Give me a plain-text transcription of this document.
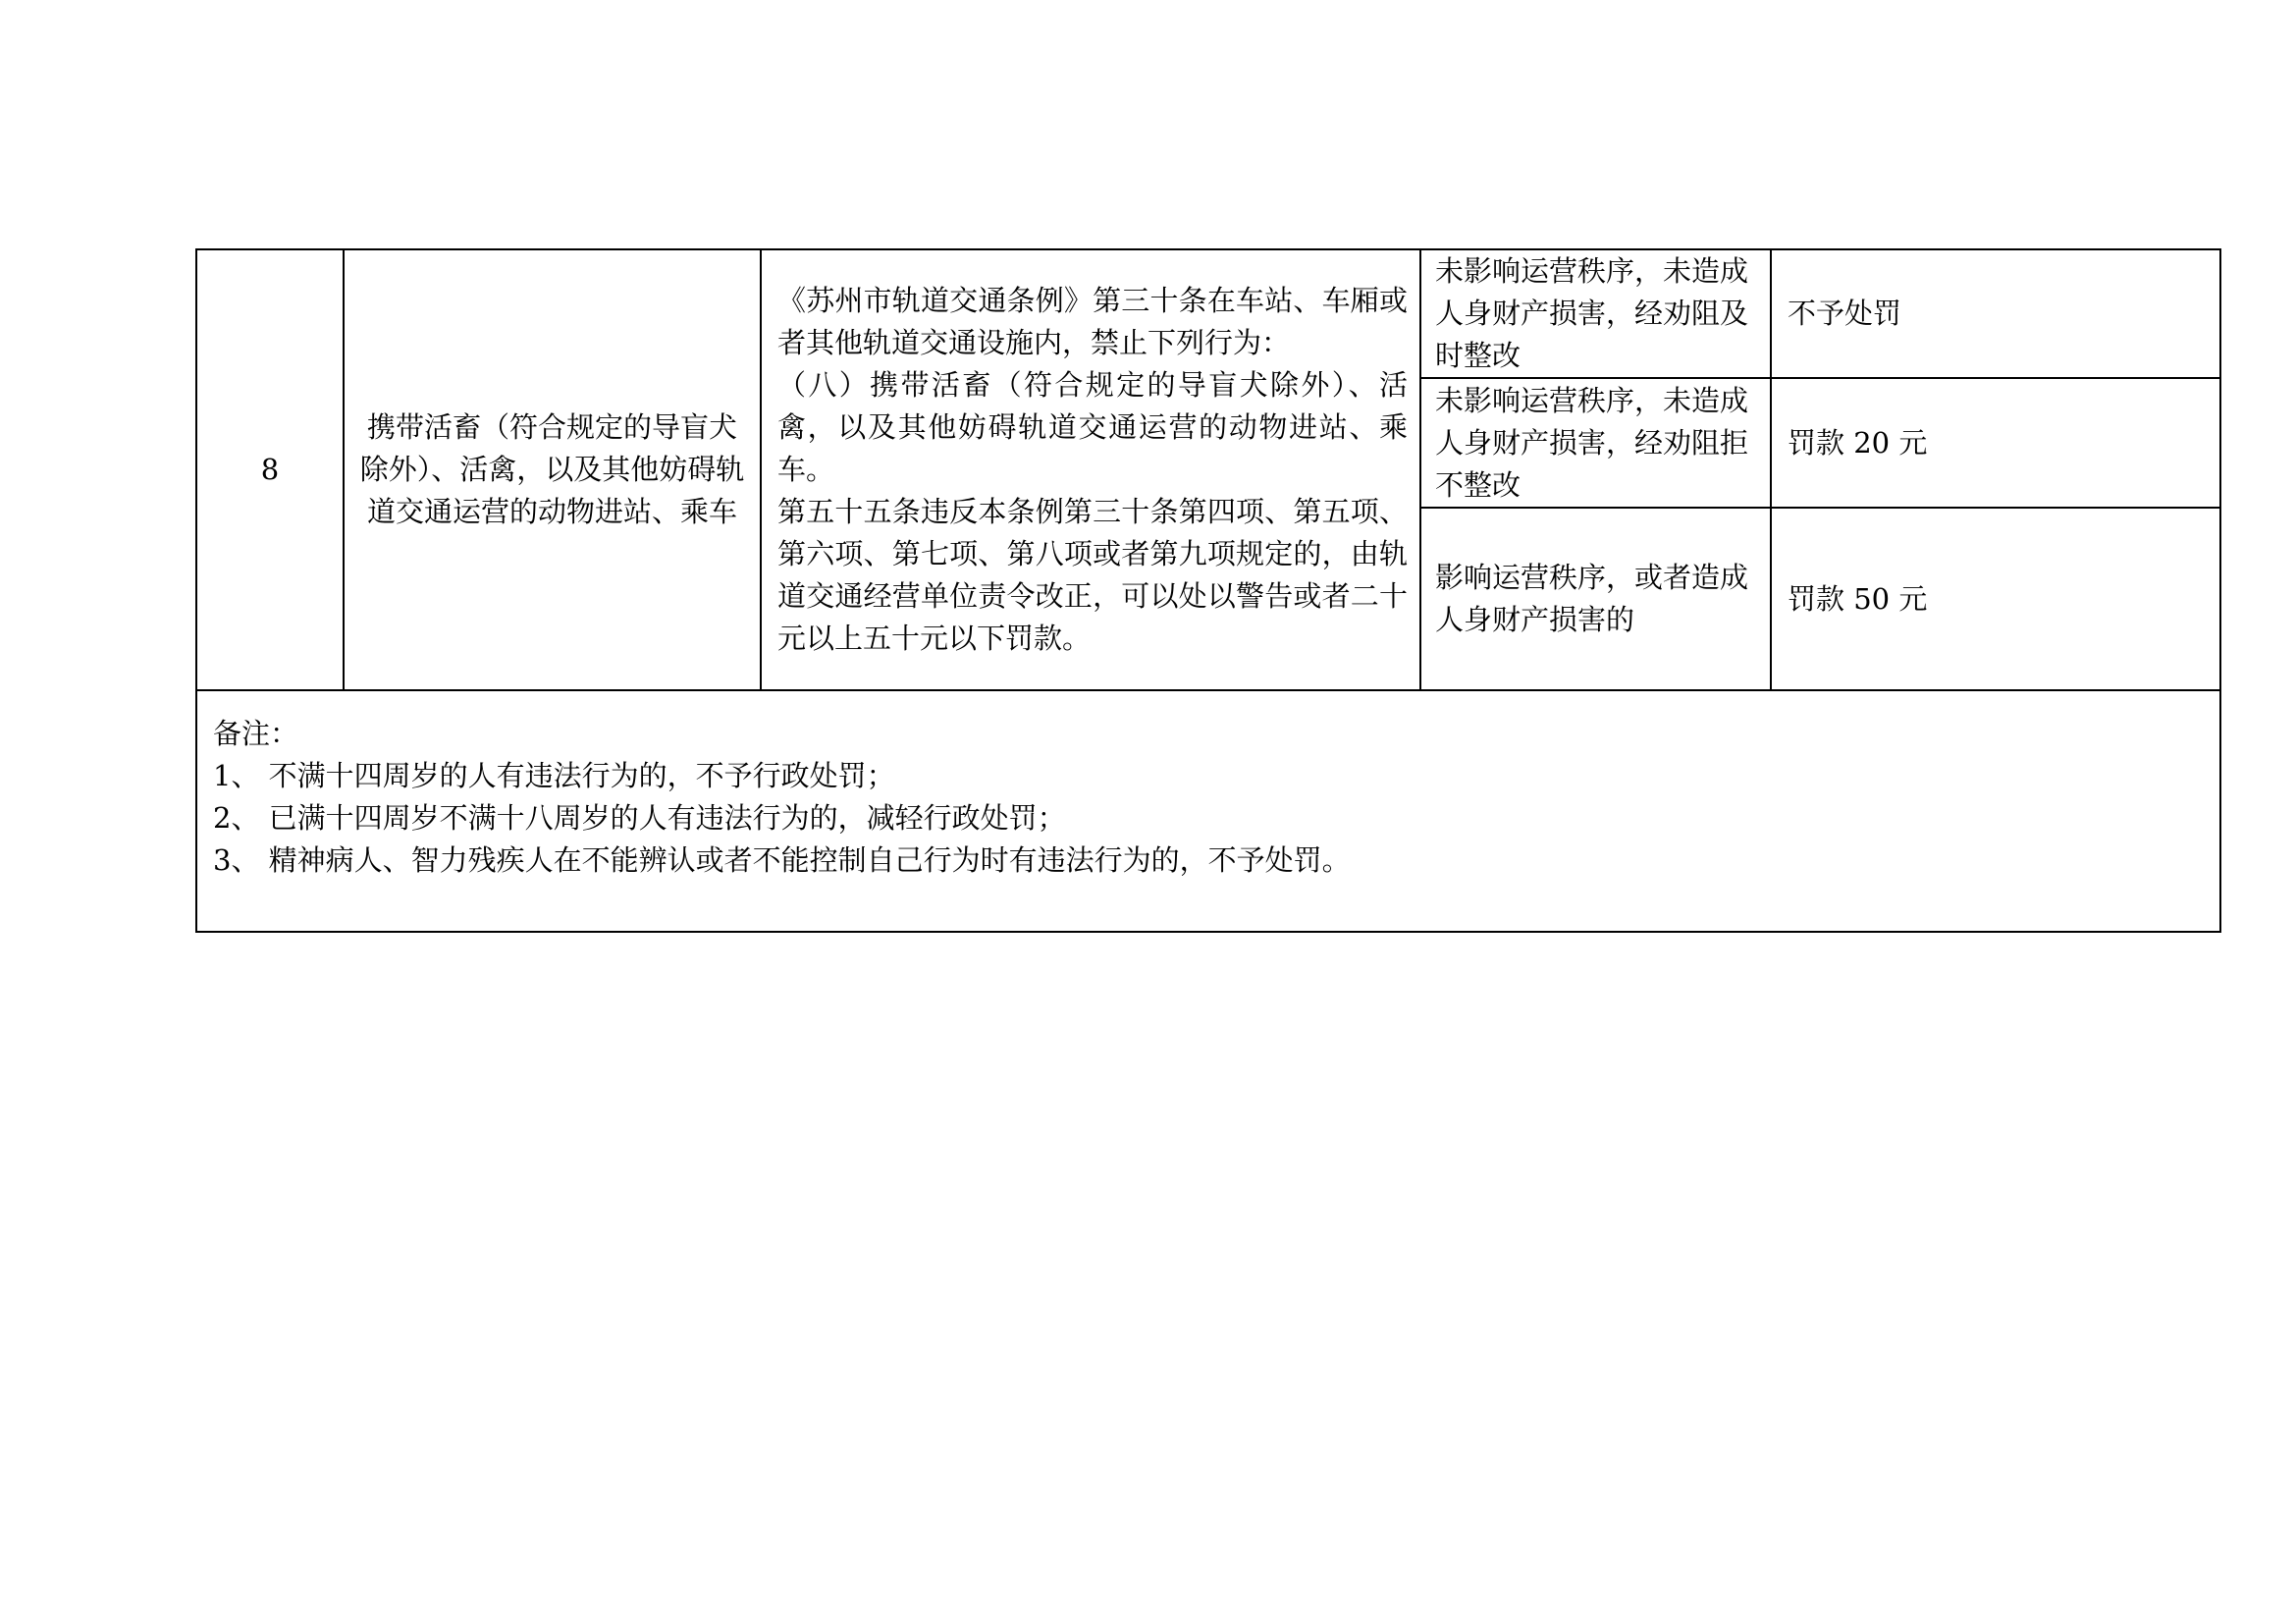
8	携带活畜（符合规定的导盲犬除外）、活禽，以及其他妨碍轨道交通运营的动物进站、乘车	《苏州市轨道交通条例》第三十条在车站、车厢或者其他轨道交通设施内，禁止下列行为：
（八）携带活畜（符合规定的导盲犬除外）、活禽，以及其他妨碍轨道交通运营的动物进站、乘车。
第五十五条违反本条例第三十条第四项、第五项、第六项、第七项、第八项或者第九项规定的，由轨道交通经营单位责令改正，可以处以警告或者二十元以上五十元以下罚款。	未影响运营秩序，未造成人身财产损害，经劝阻及时整改	不予处罚
			未影响运营秩序，未造成人身财产损害，经劝阻拒不整改	罚款 20 元
			影响运营秩序，或者造成人身财产损害的	罚款 50 元

备注：
1、 不满十四周岁的人有违法行为的，不予行政处罚；
2、 已满十四周岁不满十八周岁的人有违法行为的，减轻行政处罚；
3、 精神病人、智力残疾人在不能辨认或者不能控制自己行为时有违法行为的，不予处罚。				
